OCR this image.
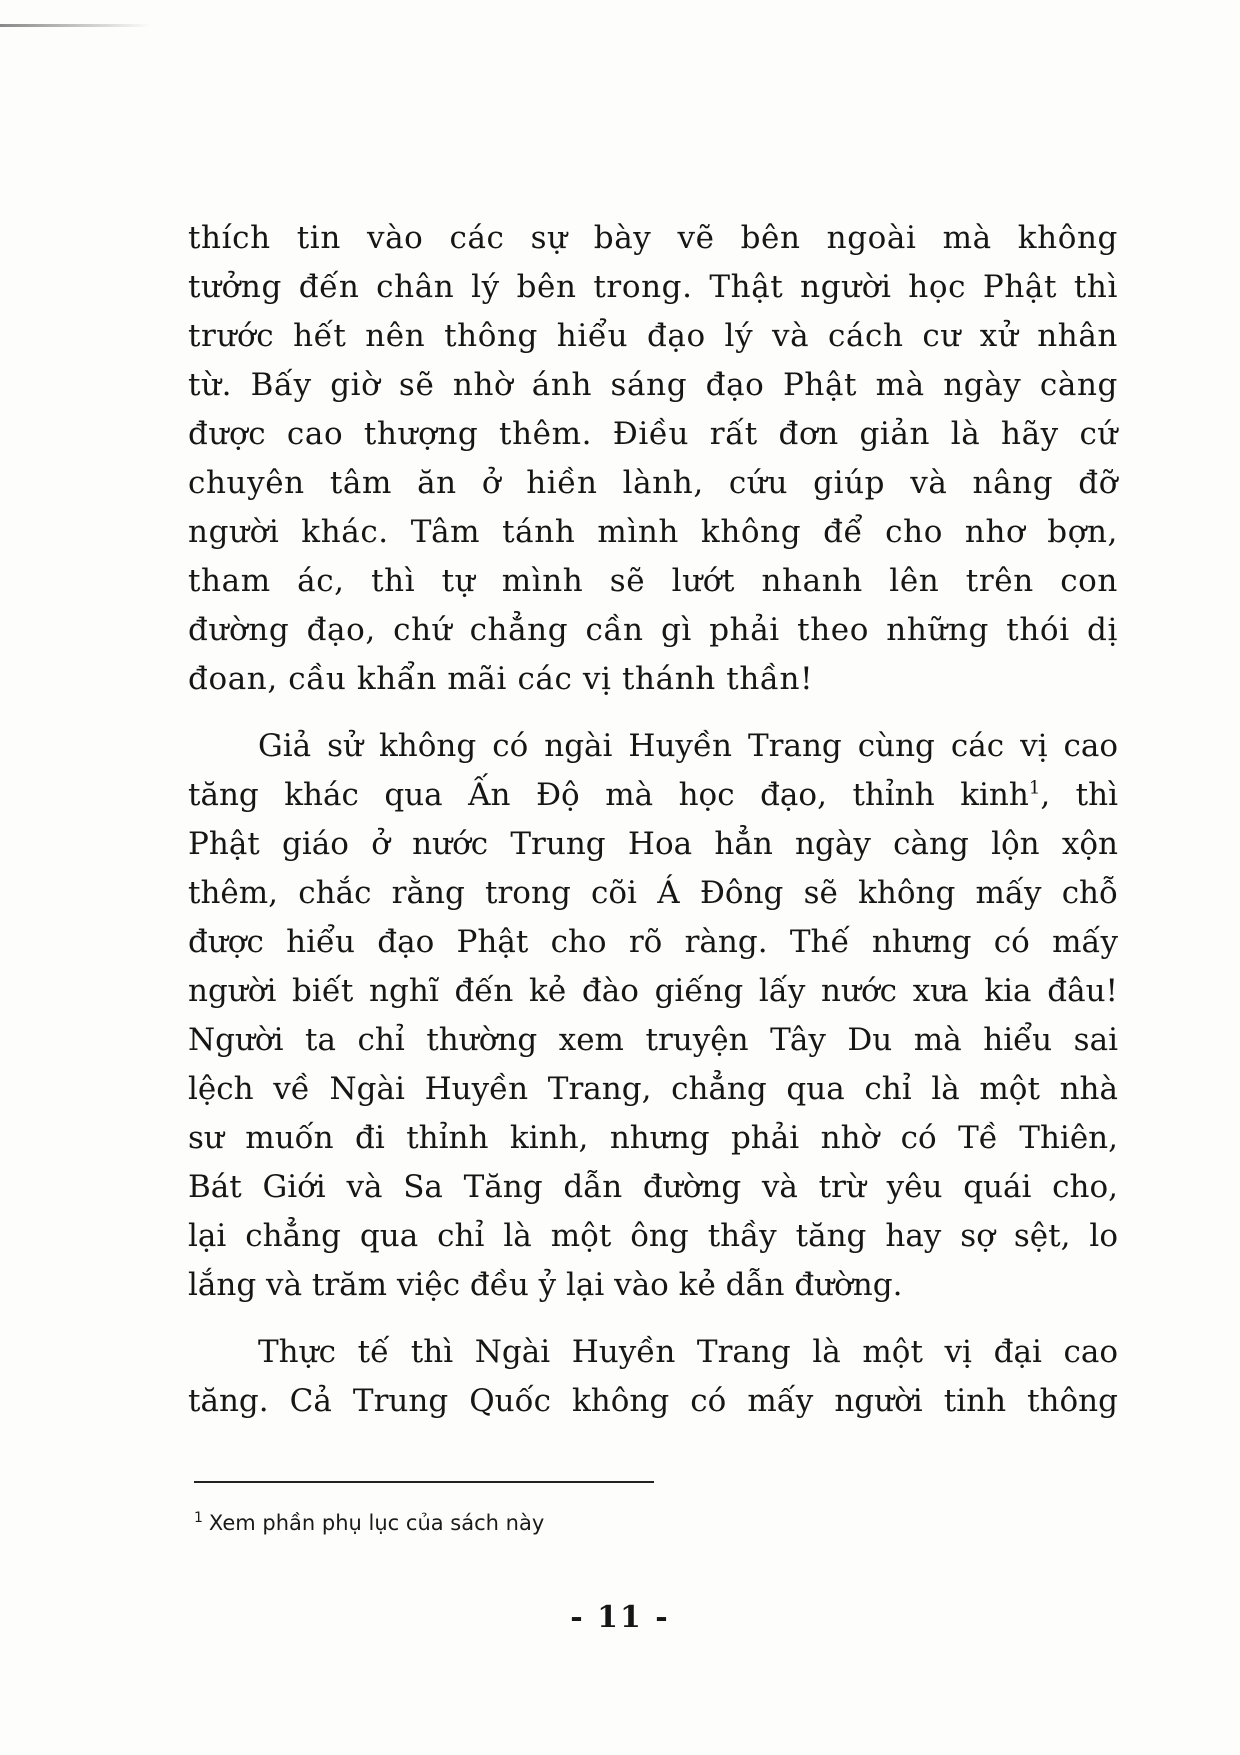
thích tin vào các sự bày vẽ bên ngoài mà không
tưởng đến chân lý bên trong. Thật người học Phật thì
trước hết nên thông hiểu đạo lý và cách cư xử nhân
từ. Bấy giờ sẽ nhờ ánh sáng đạo Phật mà ngày càng
được cao thượng thêm. Điều rất đơn giản là hãy cứ
chuyên tâm ăn ở hiền lành, cứu giúp và nâng đỡ
người khác. Tâm tánh mình không để cho nhơ bợn,
tham ác, thì tự mình sẽ lướt nhanh lên trên con
đường đạo, chứ chẳng cần gì phải theo những thói dị
đoan, cầu khẩn mãi các vị thánh thần!

Giả sử không có ngài Huyền Trang cùng các vị cao
tăng khác qua Ấn Độ mà học đạo, thỉnh kinh$^1$, thì
Phật giáo ở nước Trung Hoa hẳn ngày càng lộn xộn
thêm, chắc rằng trong cõi Á Đông sẽ không mấy chỗ
được hiểu đạo Phật cho rõ ràng. Thế nhưng có mấy
người biết nghĩ đến kẻ đào giếng lấy nước xưa kia đâu!
Người ta chỉ thường xem truyện Tây Du mà hiểu sai
lệch về Ngài Huyền Trang, chẳng qua chỉ là một nhà
sư muốn đi thỉnh kinh, nhưng phải nhờ có Tề Thiên,
Bát Giới và Sa Tăng dẫn đường và trừ yêu quái cho,
lại chẳng qua chỉ là một ông thầy tăng hay sợ sệt, lo
lắng và trăm việc đều ỷ lại vào kẻ dẫn đường.

Thực tế thì Ngài Huyền Trang là một vị đại cao
tăng. Cả Trung Quốc không có mấy người tinh thông

$^1$ Xem phần phụ lục của sách này
- 11 -
